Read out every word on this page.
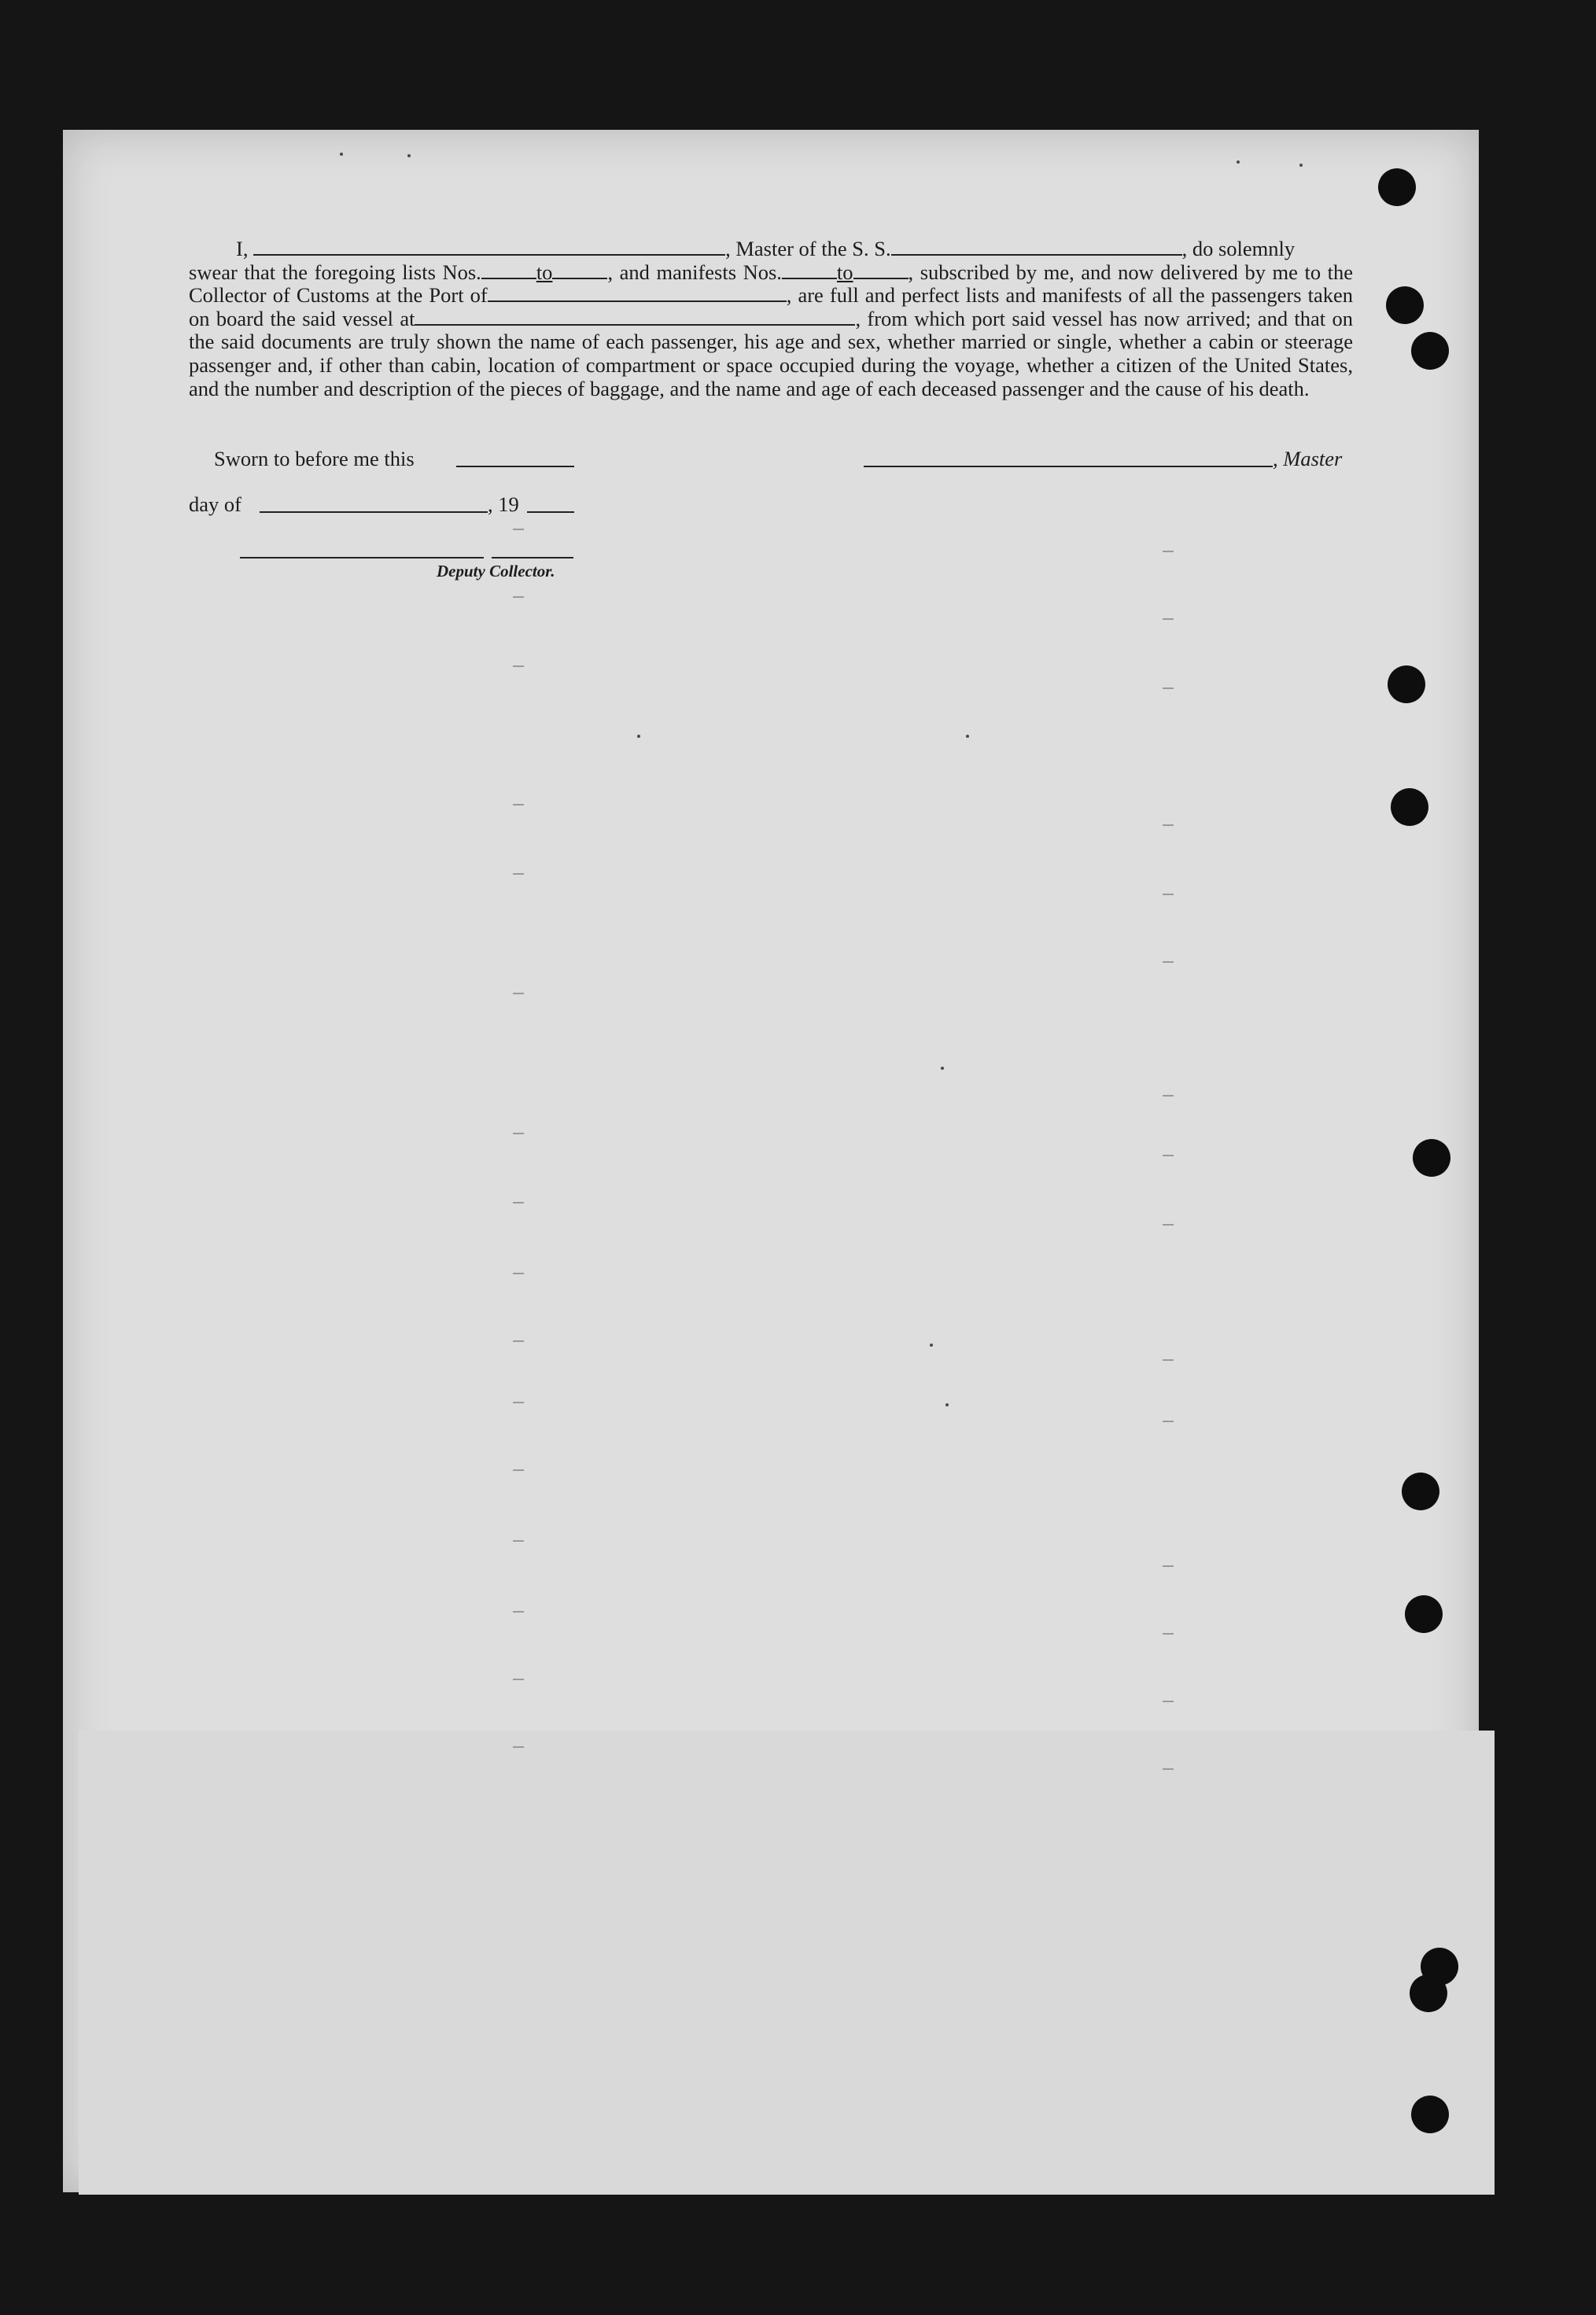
I,	, Master of the S. S.	, do solemnly

swear that the foregoing lists Nos.	to	, and manifests Nos.	to	, subscribed by me, and now delivered by me to the Collector of Customs at the Port of	, are full and perfect lists and manifests of all the passengers taken on board the said vessel at	, from which port said vessel has now arrived; and that on the said documents are truly shown the name of each passenger, his age and sex, whether married or single, whether a cabin or steerage passenger and, if other than cabin, location of compartment or space occupied during the voyage, whether a citizen of the United States, and the number and description of the pieces of baggage, and the name and age of each deceased passenger and the cause of his death.
Sworn to before me this	, Master
day of	, 19
Deputy Collector.
